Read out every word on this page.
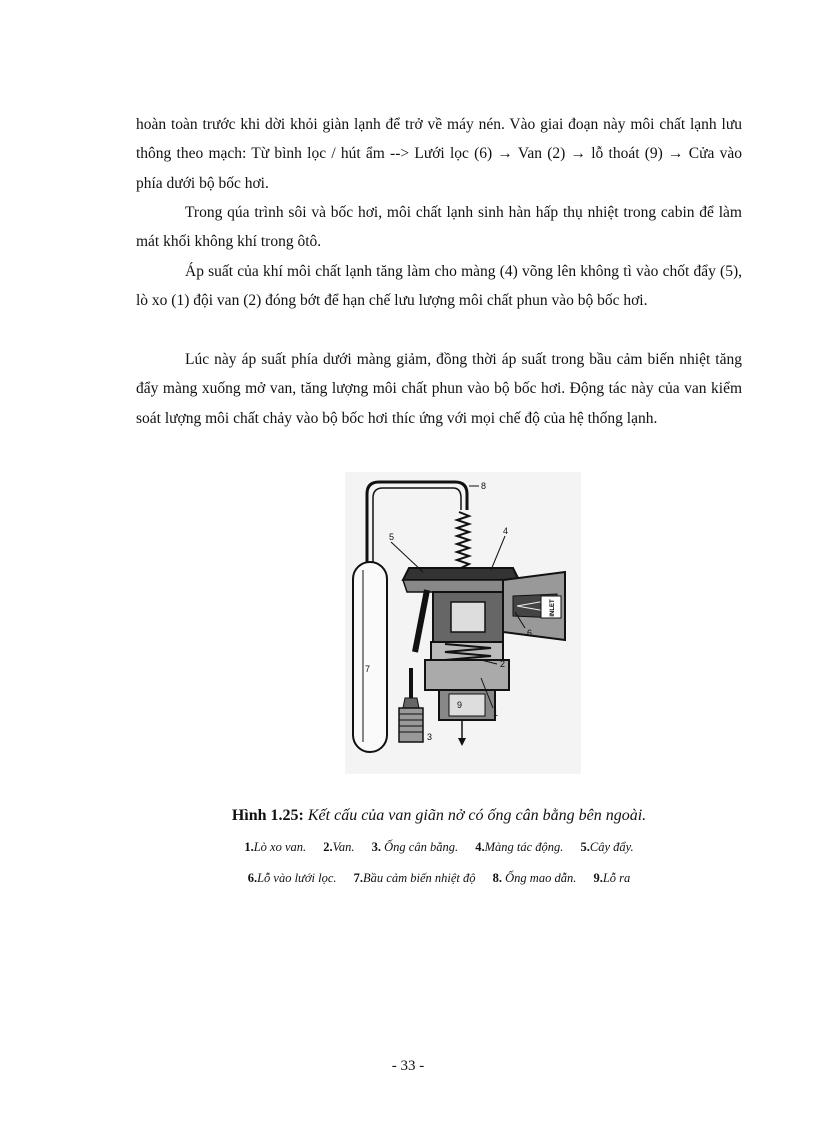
hoàn toàn trước khi dời khỏi giàn lạnh để trở về máy nén. Vào giai đoạn này môi chất lạnh lưu thông theo mạch: Từ bình lọc / hút ẩm --> Lưới lọc (6) → Van (2) → lỗ thoát (9) → Cửa vào phía dưới bộ bốc hơi.

Trong qúa trình sôi và bốc hơi, môi chất lạnh sinh hàn hấp thụ nhiệt trong cabin để làm mát khối không khí trong ôtô.

Áp suất của khí môi chất lạnh tăng làm cho màng (4) võng lên không tì vào chốt đẩy (5), lò xo (1) đội van (2) đóng bớt để hạn chế lưu lượng môi chất phun vào bộ bốc hơi.

Lúc này áp suất phía dưới màng giảm, đồng thời áp suất trong bầu cảm biến nhiệt tăng đẩy màng xuống mở van, tăng lượng môi chất phun vào bộ bốc hơi. Động tác này của van kiểm soát lượng môi chất chảy vào bộ bốc hơi thíc ứng với mọi chế độ của hệ thống lạnh.

INLET
8
5
4
6
2
7
9
1
3

Hình 1.25: Kết cấu của van giãn nở có ống cân bằng bên ngoài.

1.Lò xo van. 2.Van. 3. Ống cân bằng. 4.Màng tác động. 5.Cây đẩy.

6.Lỗ vào lưới lọc. 7.Bầu cảm biến nhiệt độ 8. Ống mao dẫn. 9.Lỗ ra

- 33 -
